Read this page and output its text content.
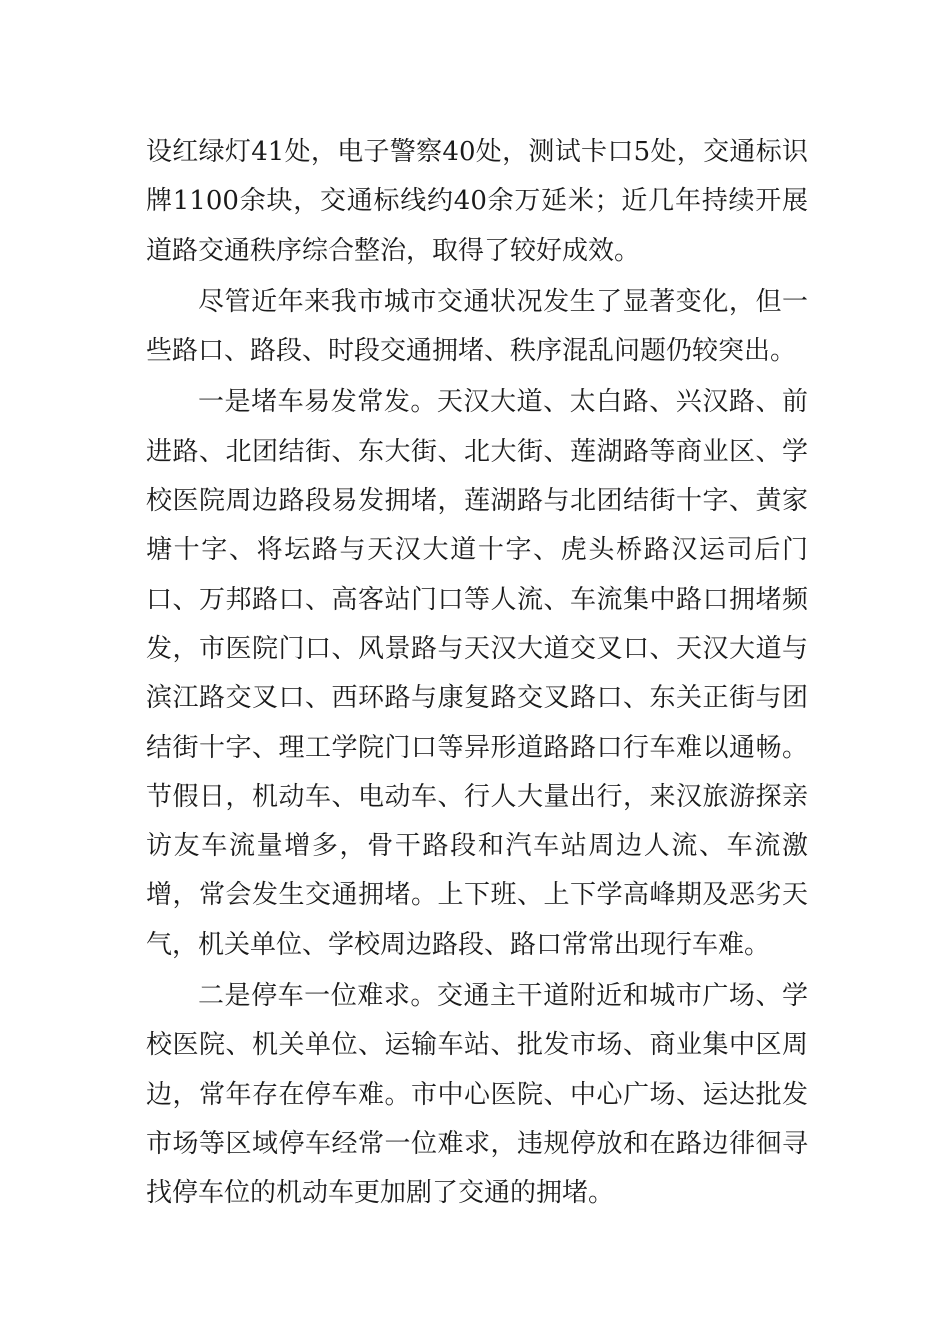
设红绿灯41处，电子警察40处，测试卡口5处，交通标识牌1100余块，交通标线约40余万延米；近几年持续开展道路交通秩序综合整治，取得了较好成效。

尽管近年来我市城市交通状况发生了显著变化，但一些路口、路段、时段交通拥堵、秩序混乱问题仍较突出。

一是堵车易发常发。天汉大道、太白路、兴汉路、前进路、北团结街、东大街、北大街、莲湖路等商业区、学校医院周边路段易发拥堵，莲湖路与北团结街十字、黄家塘十字、将坛路与天汉大道十字、虎头桥路汉运司后门口、万邦路口、高客站门口等人流、车流集中路口拥堵频发，市医院门口、风景路与天汉大道交叉口、天汉大道与滨江路交叉口、西环路与康复路交叉路口、东关正街与团结街十字、理工学院门口等异形道路路口行车难以通畅。节假日，机动车、电动车、行人大量出行，来汉旅游探亲访友车流量增多，骨干路段和汽车站周边人流、车流激增，常会发生交通拥堵。上下班、上下学高峰期及恶劣天气，机关单位、学校周边路段、路口常常出现行车难。

二是停车一位难求。交通主干道附近和城市广场、学校医院、机关单位、运输车站、批发市场、商业集中区周边，常年存在停车难。市中心医院、中心广场、运达批发市场等区域停车经常一位难求，违规停放和在路边徘徊寻找停车位的机动车更加剧了交通的拥堵。
